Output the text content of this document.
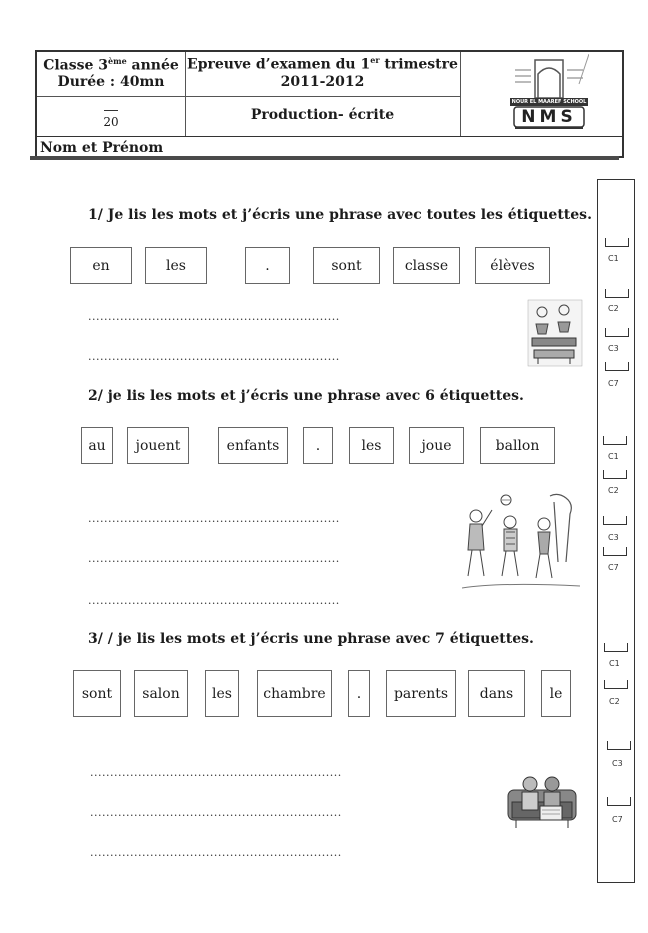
Classe 3ème année
Durée : 40mn
Epreuve d’examen du 1er trimestre
2011-2012
20	Production- écrite
Nom et Prénom
NOUR EL MAAREF SCHOOL
NMS
1/ Je lis les mots et j’écris une phrase avec toutes les étiquettes.
en	les	.	sont	classe	élèves
...............................................................
...............................................................
2/ je lis les mots et j’écris une phrase avec 6 étiquettes.
au	jouent	enfants	.	les	joue	ballon
...............................................................
...............................................................
...............................................................
3/ / je lis les mots et j’écris une phrase avec 7 étiquettes.
sont	salon	les	chambre	.	parents	dans	le
...............................................................
...............................................................
...............................................................
C1
C2
C3
C7
C1
C2
C3
C7
C1
C2
C3
C7
